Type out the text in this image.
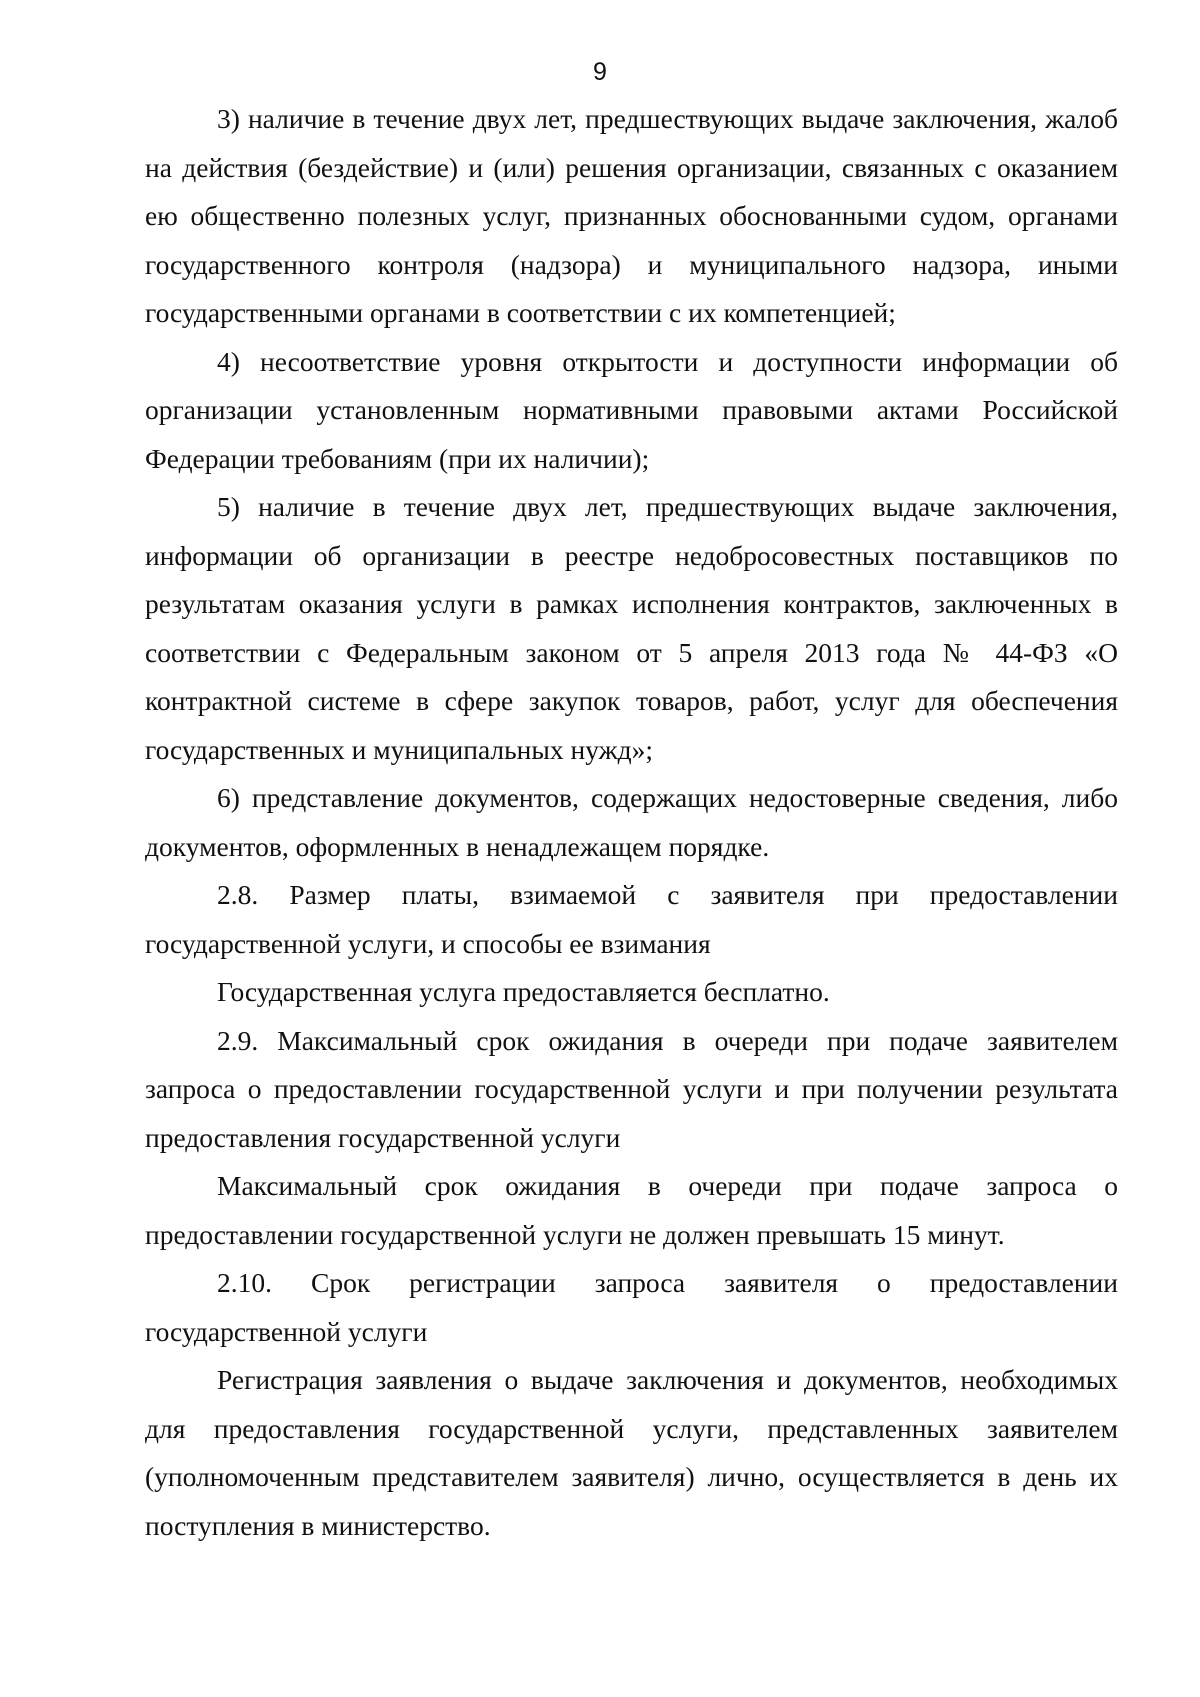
9

3) наличие в течение двух лет, предшествующих выдаче заключения, жалоб на действия (бездействие) и (или) решения организации, связанных с оказанием ею общественно полезных услуг, признанных обоснованными судом, органами государственного контроля (надзора) и муниципального надзора, иными государственными органами в соответствии с их компетенцией;

4) несоответствие уровня открытости и доступности информации об организации установленным нормативными правовыми актами Российской Федерации требованиям (при их наличии);

5) наличие в течение двух лет, предшествующих выдаче заключения, информации об организации в реестре недобросовестных поставщиков по результатам оказания услуги в рамках исполнения контрактов, заключенных в соответствии с Федеральным законом от 5 апреля 2013 года № 44-ФЗ «О контрактной системе в сфере закупок товаров, работ, услуг для обеспечения государственных и муниципальных нужд»;

6) представление документов, содержащих недостоверные сведения, либо документов, оформленных в ненадлежащем порядке.

2.8. Размер платы, взимаемой с заявителя при предоставлении государственной услуги, и способы ее взимания

Государственная услуга предоставляется бесплатно.

2.9. Максимальный срок ожидания в очереди при подаче заявителем запроса о предоставлении государственной услуги и при получении результата предоставления государственной услуги

Максимальный срок ожидания в очереди при подаче запроса о предоставлении государственной услуги не должен превышать 15 минут.

2.10. Срок регистрации запроса заявителя о предоставлении государственной услуги

Регистрация заявления о выдаче заключения и документов, необходимых для предоставления государственной услуги, представленных заявителем (уполномоченным представителем заявителя) лично, осуществляется в день их поступления в министерство.
